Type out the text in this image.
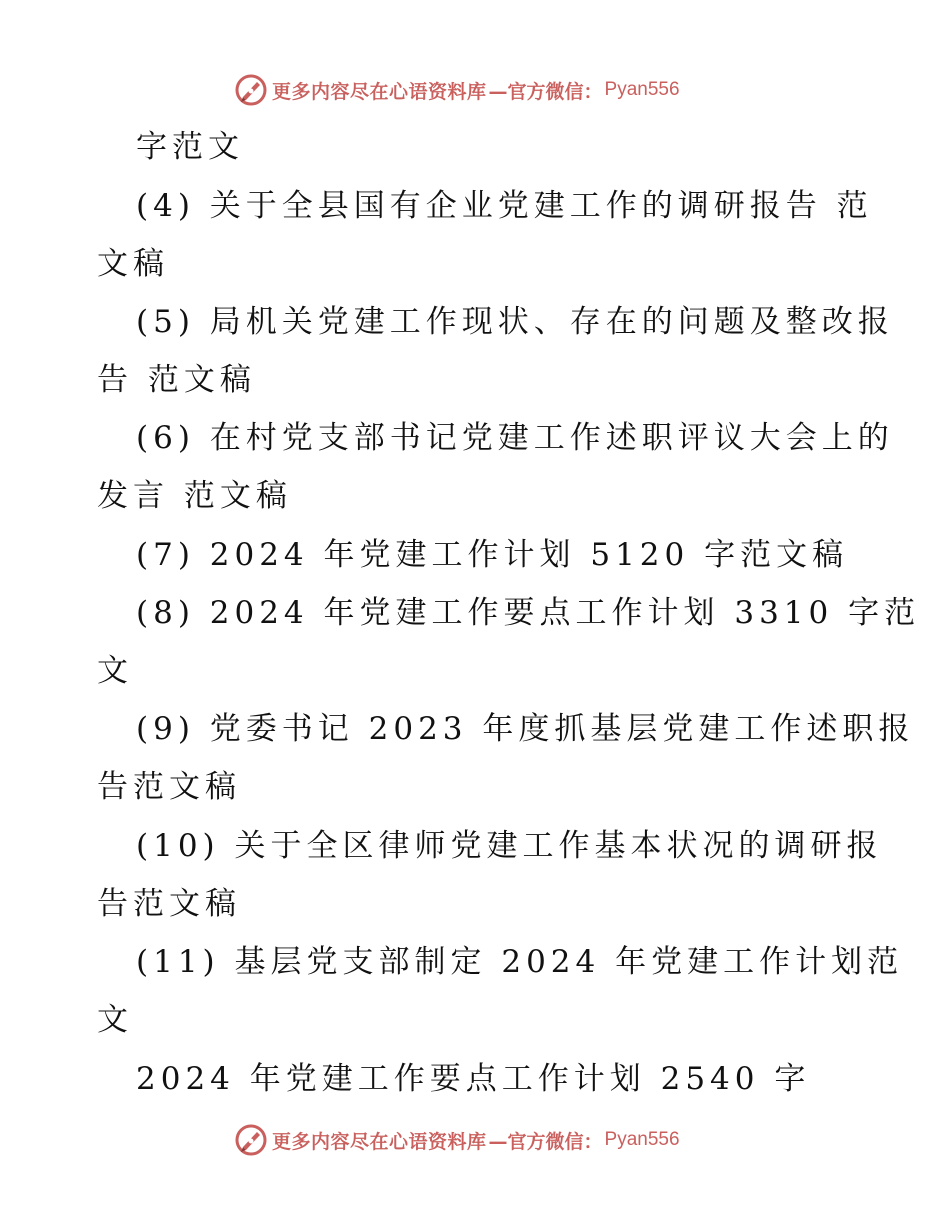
更多内容尽在心语资料库 —官方微信： Pyan556
字范文
(4) 关于全县国有企业党建工作的调研报告 范
文稿
(5) 局机关党建工作现状、存在的问题及整改报
告 范文稿
(6) 在村党支部书记党建工作述职评议大会上的
发言 范文稿
(7) 2024 年党建工作计划 5120 字范文稿
(8) 2024 年党建工作要点工作计划 3310 字范
文
(9) 党委书记 2023 年度抓基层党建工作述职报
告范文稿
(10) 关于全区律师党建工作基本状况的调研报
告范文稿
(11) 基层党支部制定 2024 年党建工作计划范
文
2024 年党建工作要点工作计划 2540 字
更多内容尽在心语资料库 —官方微信： Pyan556
